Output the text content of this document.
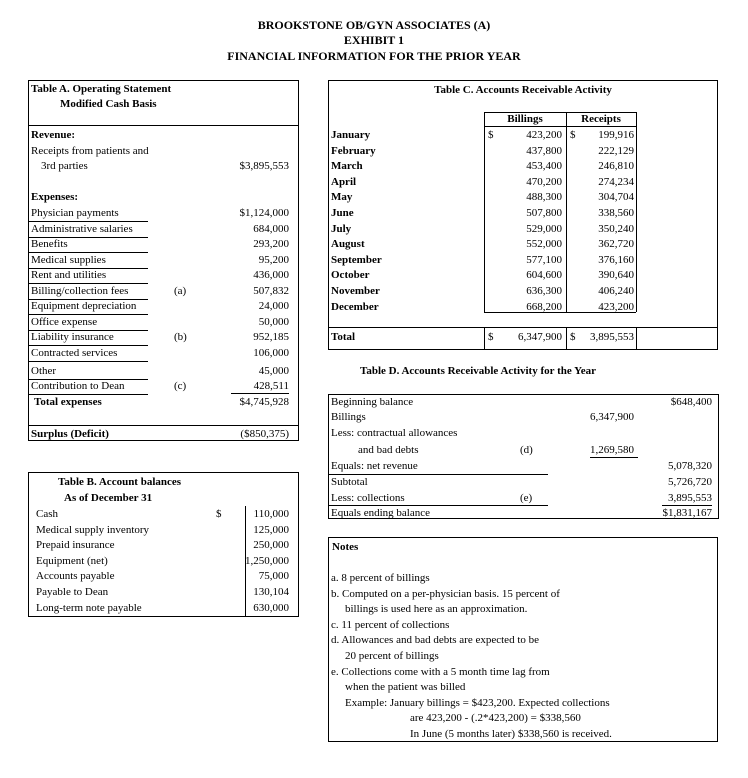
BROOKSTONE OB/GYN ASSOCIATES (A)
EXHIBIT 1
FINANCIAL INFORMATION FOR THE PRIOR YEAR
Table A. Operating Statement
Modified Cash Basis
Revenue:
Receipts from patients and
3rd parties	$3,895,553
Expenses:
Physician payments	$1,124,000
Administrative salaries	684,000
Benefits	293,200
Medical supplies	95,200
Rent and utilities	436,000
Billing/collection fees	(a)	507,832
Equipment depreciation	24,000
Office expense	50,000
Liability insurance	(b)	952,185
Contracted services	106,000
Other	45,000
Contribution to Dean	(c)	428,511
Total expenses	$4,745,928
Surplus (Deficit)	($850,375)
Table B. Account balances
As of December 31
$
Cash	110,000
Medical supply inventory	125,000
Prepaid insurance	250,000
Equipment (net)	1,250,000
Accounts payable	75,000
Payable to Dean	130,104
Long-term note payable	630,000
Table C. Accounts Receivable Activity
Billings	Receipts
$	$
January	423,200	199,916
February	437,800	222,129
March	453,400	246,810
April	470,200	274,234
May	488,300	304,704
June	507,800	338,560
July	529,000	350,240
August	552,000	362,720
September	577,100	376,160
October	604,600	390,640
November	636,300	406,240
December	668,200	423,200
Total	$	6,347,900 $	3,895,553
Table D. Accounts Receivable Activity for the Year
Beginning balance	$648,400
Billings	6,347,900
Less: contractual allowances
and bad debts	(d)	1,269,580
Equals: net revenue	5,078,320
Subtotal	5,726,720
Less: collections	(e)	3,895,553
Equals ending balance	$1,831,167
Notes
a. 8 percent of billings
b. Computed on a per-physician basis. 15 percent of
billings is used here as an approximation.
c. 11 percent of collections
d. Allowances and bad debts are expected to be
20 percent of billings
e. Collections come with a 5 month time lag from
when the patient was billed
Example: January billings = $423,200. Expected collections
are 423,200 - (.2*423,200) = $338,560
In June (5 months later) $338,560 is received.
